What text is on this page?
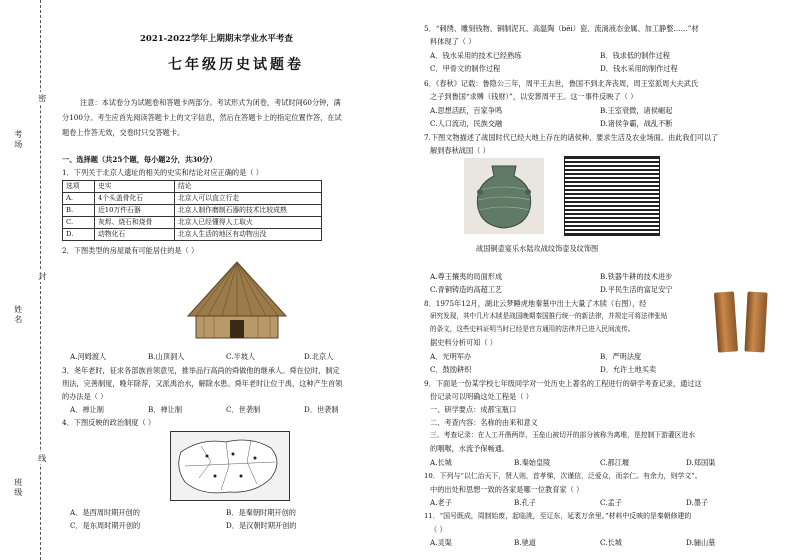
考场
姓名
班级
密
封
线
2021-2022学年上期期末学业水平考查
七年级历史试题卷
注意：本试卷分为试题卷和答题卡两部分。考试形式为闭卷，考试时间60分钟，满
分100分。考生应首先阅读答题卡上的文字信息，然后在答题卡上的指定位置作答，在试
题卷上作答无效，交卷时只交答题卡。
一、选择题（共25个题，每小题2分，共30分）
1．下列关于北京人遗址的相关的史实和结论对应正确的是（ ）
选项	史实	结论
A.	4个头盖骨化石	北京人可以直立行走
B.	近10万件石器	北京人制作磨制石器的技术比较成熟
C.	灰烬、烧石和烧骨	北京人已经懂得人工取火
D.	动物化石	北京人生活的地区有动物出没
2．下图类型的房屋最有可能居住的是（ ）
A.河姆渡人	B.山顶洞人	C.半坡人	D.北京人
3．尧年老时，征求各部族首领意见，推举品行高尚的舜做他的继承人。舜在位时，制定
刑法，完善制度，晚年除荐，又派禹治水，解除水患。舜年老时让位于禹，这种产生首领
的办法是（ ）
A．禅让制	B．禅让制	C．世袭制	D．世袭制
4．下图反映的政治制度（ ）
A．是西周时期开创的	B．是秦朝时期开创的
C．是东周时期开创的	D．是汉朝时期开创的
5．“刺绣、雕刻钱物、铜制泥瓦、高温陶（bēi）瓷、流淌液态金属、加工静整……”材
料体现了（ ）
A．钱水采用的技术已经熟练	B．钱求低的制作过程
C．甲骨文的制作过程	D．钱水采用的制作过程
6．《春秋》记载：鲁隐公三年，周平王去世，鲁国不到北奔丧周，周王室派周大夫武氏
之子到鲁国“求赙（钱财）”，以安葬周平王。这一事件反映了（ ）
A.思想活跃，百家争鸣	B.王室衰微，诸侯崛起
C.人口流动，民族交融	D.诸侯争霸，战乱不断
7.下图文物描述了战国时代已经大地上存在的诸侯种、要求生活及农业场面。由此我们可以了
解到春秋战国（ ）
战国铜壶宴乐水陆攻战纹饰壶及纹饰图
A.尊王攘夷的局面形成	B.铁器牛耕的技术进步
C.青铜铸造的高超工艺	D.平民生活的富足安宁
8．1975年12月，湖北云梦睡虎地秦墓中出土大量了木牍（右图），经
研究发现，其中几片木牍是战国晚期秦国推行统一的新法律，并规定可将法律张贴
的条文，这些史料证明当时已经是官方通用的法律并已进入民间流传。
据史料分析可知（ ）
A．光明军办	B．严明法度
C．鼓励耕织	D．允许土地买卖
9．下面是一份某学校七年级同学对一处历史上著名的工程进行的研学考查记录，通过这
份记录可以明确这处工程是（ ）
一、研学要点：成都宝瓶口
二、考查内容：名称的由来和意义
三、考查记录：在人工开凿两岸，玉垒山被切开的部分被称为离堆，是控制下游灌区进水
的咽喉，水流予保畅通。
A.长城	B.秦始皇陵	C.都江堰	D.郑国渠
10．下列与“以仁治天下，贤人则，首孝悌，次谨信，泛爱众，而亲仁。有余力，则学文”。
中的出处和思想一致的各家是哪一位教育家（ ）
A.老子	B.孔子	C.孟子	D.墨子
11．“国号既成，周制始废，起临洮，至辽东，延袤万余里。”材料中反映的是秦朝修建的
（ ）
A.灵渠	B.驰道	C.长城	D.骊山墓
